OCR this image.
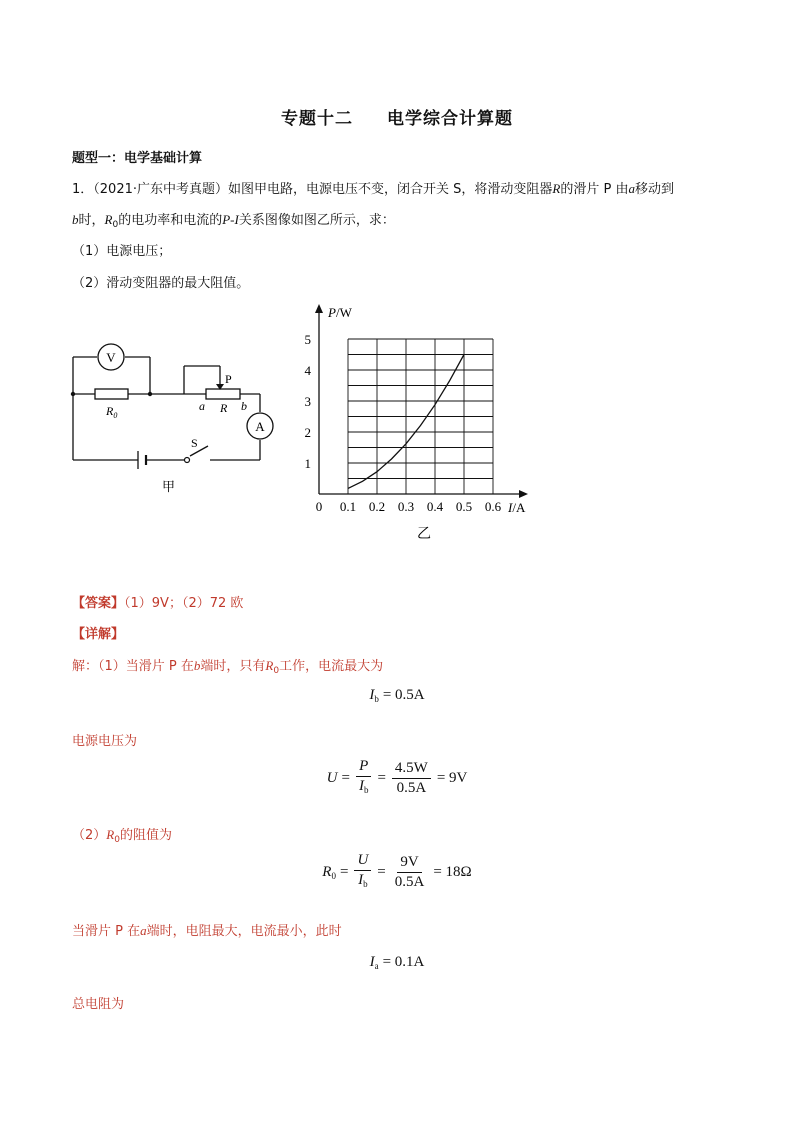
专题十二 电学综合计算题
题型一：电学基础计算
1．（2021·广东中考真题）如图甲电路，电源电压不变，闭合开关 S，将滑动变阻器R的滑片 P 由a移动到
b时，$R_0$的电功率和电流的P-I关系图像如图乙所示，求：
（1）电源电压；
（2）滑动变阻器的最大阻值。
V
A
$R_0$
P
a R b
S
甲
0 0.1 0.2 0.3 0.4 0.5 0.6
1
2
3
4
5
P/W
I/A
乙
【答案】（1）9V；（2）72 欧
【详解】
解：（1）当滑片 P 在b端时，只有$R_0$工作，电流最大为
$I_b = 0.5A$
电源电压为
$U = \frac{P}{I_b} = \frac{4.5W}{0.5A} = 9V$
$(2)R_0$的阻值为
$R_0 = \frac{U}{I_b} = \frac{9V}{0.5A} = 18\Omega$
当滑片 P 在a端时，电阻最大，电流最小，此时
$I_a = 0.1A$
总电阻为
